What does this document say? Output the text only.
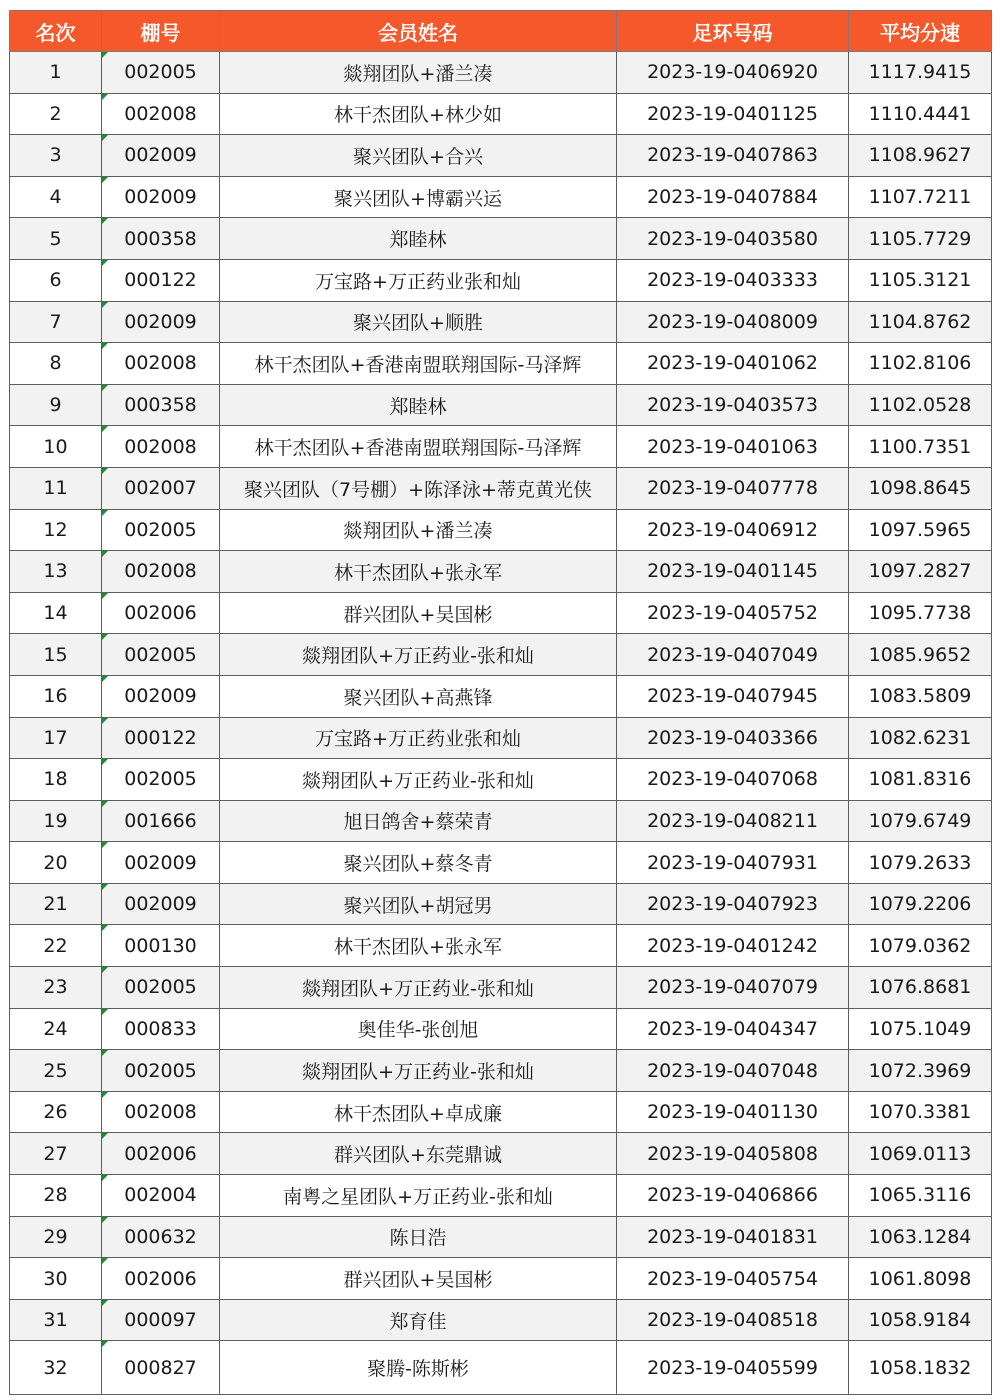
名次	棚号	会员姓名	足环号码	平均分速
1	002005	燚翔团队+潘兰凑	2023-19-0406920	1117.9415
2	002008	林干杰团队+林少如	2023-19-0401125	1110.4441
3	002009	聚兴团队+合兴	2023-19-0407863	1108.9627
4	002009	聚兴团队+博霸兴运	2023-19-0407884	1107.7211
5	000358	郑睦林	2023-19-0403580	1105.7729
6	000122	万宝路+万正药业张和灿	2023-19-0403333	1105.3121
7	002009	聚兴团队+顺胜	2023-19-0408009	1104.8762
8	002008	林干杰团队+香港南盟联翔国际-马泽辉	2023-19-0401062	1102.8106
9	000358	郑睦林	2023-19-0403573	1102.0528
10	002008	林干杰团队+香港南盟联翔国际-马泽辉	2023-19-0401063	1100.7351
11	002007	聚兴团队（7号棚）+陈泽泳+蒂克黄光侠	2023-19-0407778	1098.8645
12	002005	燚翔团队+潘兰凑	2023-19-0406912	1097.5965
13	002008	林干杰团队+张永军	2023-19-0401145	1097.2827
14	002006	群兴团队+吴国彬	2023-19-0405752	1095.7738
15	002005	燚翔团队+万正药业-张和灿	2023-19-0407049	1085.9652
16	002009	聚兴团队+高燕锋	2023-19-0407945	1083.5809
17	000122	万宝路+万正药业张和灿	2023-19-0403366	1082.6231
18	002005	燚翔团队+万正药业-张和灿	2023-19-0407068	1081.8316
19	001666	旭日鸽舍+蔡荣青	2023-19-0408211	1079.6749
20	002009	聚兴团队+蔡冬青	2023-19-0407931	1079.2633
21	002009	聚兴团队+胡冠男	2023-19-0407923	1079.2206
22	000130	林干杰团队+张永军	2023-19-0401242	1079.0362
23	002005	燚翔团队+万正药业-张和灿	2023-19-0407079	1076.8681
24	000833	奥佳华-张创旭	2023-19-0404347	1075.1049
25	002005	燚翔团队+万正药业-张和灿	2023-19-0407048	1072.3969
26	002008	林干杰团队+卓成廉	2023-19-0401130	1070.3381
27	002006	群兴团队+东莞鼎诚	2023-19-0405808	1069.0113
28	002004	南粤之星团队+万正药业-张和灿	2023-19-0406866	1065.3116
29	000632	陈日浩	2023-19-0401831	1063.1284
30	002006	群兴团队+吴国彬	2023-19-0405754	1061.8098
31	000097	郑育佳	2023-19-0408518	1058.9184
32	000827	聚腾-陈斯彬	2023-19-0405599	1058.1832
